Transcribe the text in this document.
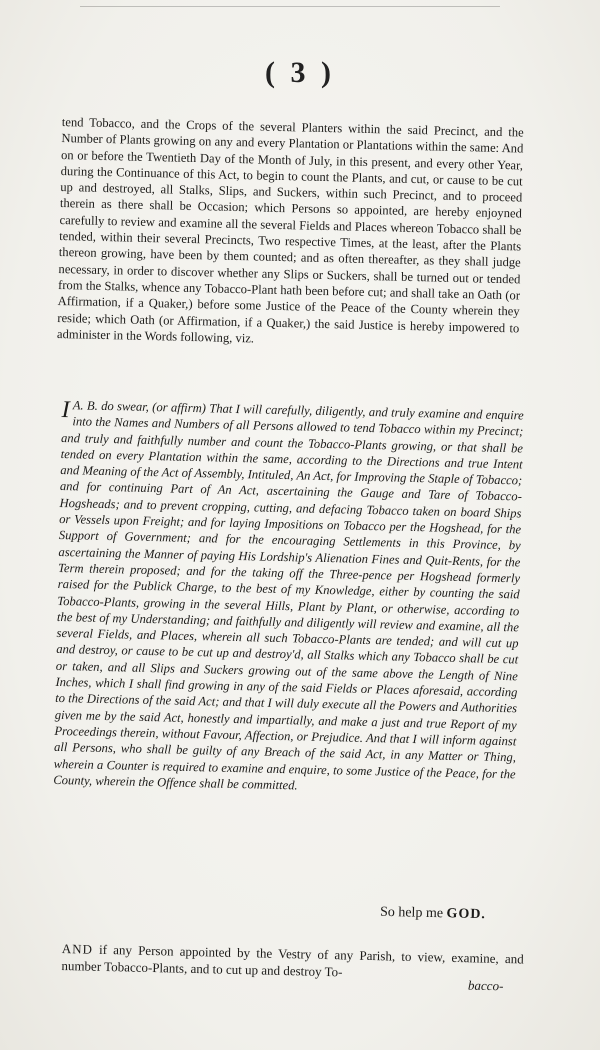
( 3 )

tend Tobacco, and the Crops of the several Planters within the said Precinct, and the Number of Plants growing on any and every Plantation or Plantations within the same: And on or before the Twentieth Day of the Month of July, in this present, and every other Year, during the Continuance of this Act, to begin to count the Plants, and cut, or cause to be cut up and destroyed, all Stalks, Slips, and Suckers, within such Precinct, and to proceed therein as there shall be Occasion; which Persons so appointed, are hereby enjoyned carefully to review and examine all the several Fields and Places whereon Tobacco shall be tended, within their several Precincts, Two respective Times, at the least, after the Plants thereon growing, have been by them counted; and as often thereafter, as they shall judge necessary, in order to discover whether any Slips or Suckers, shall be turned out or tended from the Stalks, whence any Tobacco-Plant hath been before cut; and shall take an Oath (or Affirmation, if a Quaker,) before some Justice of the Peace of the County wherein they reside; which Oath (or Affirmation, if a Quaker,) the said Justice is hereby impowered to administer in the Words following, viz.

I A. B. do swear, (or affirm) That I will carefully, diligently, and truly examine and enquire into the Names and Numbers of all Persons allowed to tend Tobacco within my Precinct; and truly and faithfully number and count the Tobacco-Plants growing, or that shall be tended on every Plantation within the same, according to the Directions and true Intent and Meaning of the Act of Assembly, Intituled, An Act, for Improving the Staple of Tobacco; and for continuing Part of An Act, ascertaining the Gauge and Tare of Tobacco-Hogsheads; and to prevent cropping, cutting, and defacing Tobacco taken on board Ships or Vessels upon Freight; and for laying Impositions on Tobacco per the Hogshead, for the Support of Government; and for the encouraging Settlements in this Province, by ascertaining the Manner of paying His Lordship's Alienation Fines and Quit-Rents, for the Term therein proposed; and for the taking off the Three-pence per Hogshead formerly raised for the Publick Charge, to the best of my Knowledge, either by counting the said Tobacco-Plants, growing in the several Hills, Plant by Plant, or otherwise, according to the best of my Understanding; and faithfully and diligently will review and examine, all the several Fields, and Places, wherein all such Tobacco-Plants are tended; and will cut up and destroy, or cause to be cut up and destroy'd, all Stalks which any Tobacco shall be cut or taken, and all Slips and Suckers growing out of the same above the Length of Nine Inches, which I shall find growing in any of the said Fields or Places aforesaid, according to the Directions of the said Act; and that I will duly execute all the Powers and Authorities given me by the said Act, honestly and impartially, and make a just and true Report of my Proceedings therein, without Favour, Affection, or Prejudice. And that I will inform against all Persons, who shall be guilty of any Breach of the said Act, in any Matter or Thing, wherein a Counter is required to examine and enquire, to some Justice of the Peace, for the County, wherein the Offence shall be committed.
So help me GOD.
AND if any Person appointed by the Vestry of any Parish, to view, examine, and number Tobacco-Plants, and to cut up and destroy To-
bacco-
